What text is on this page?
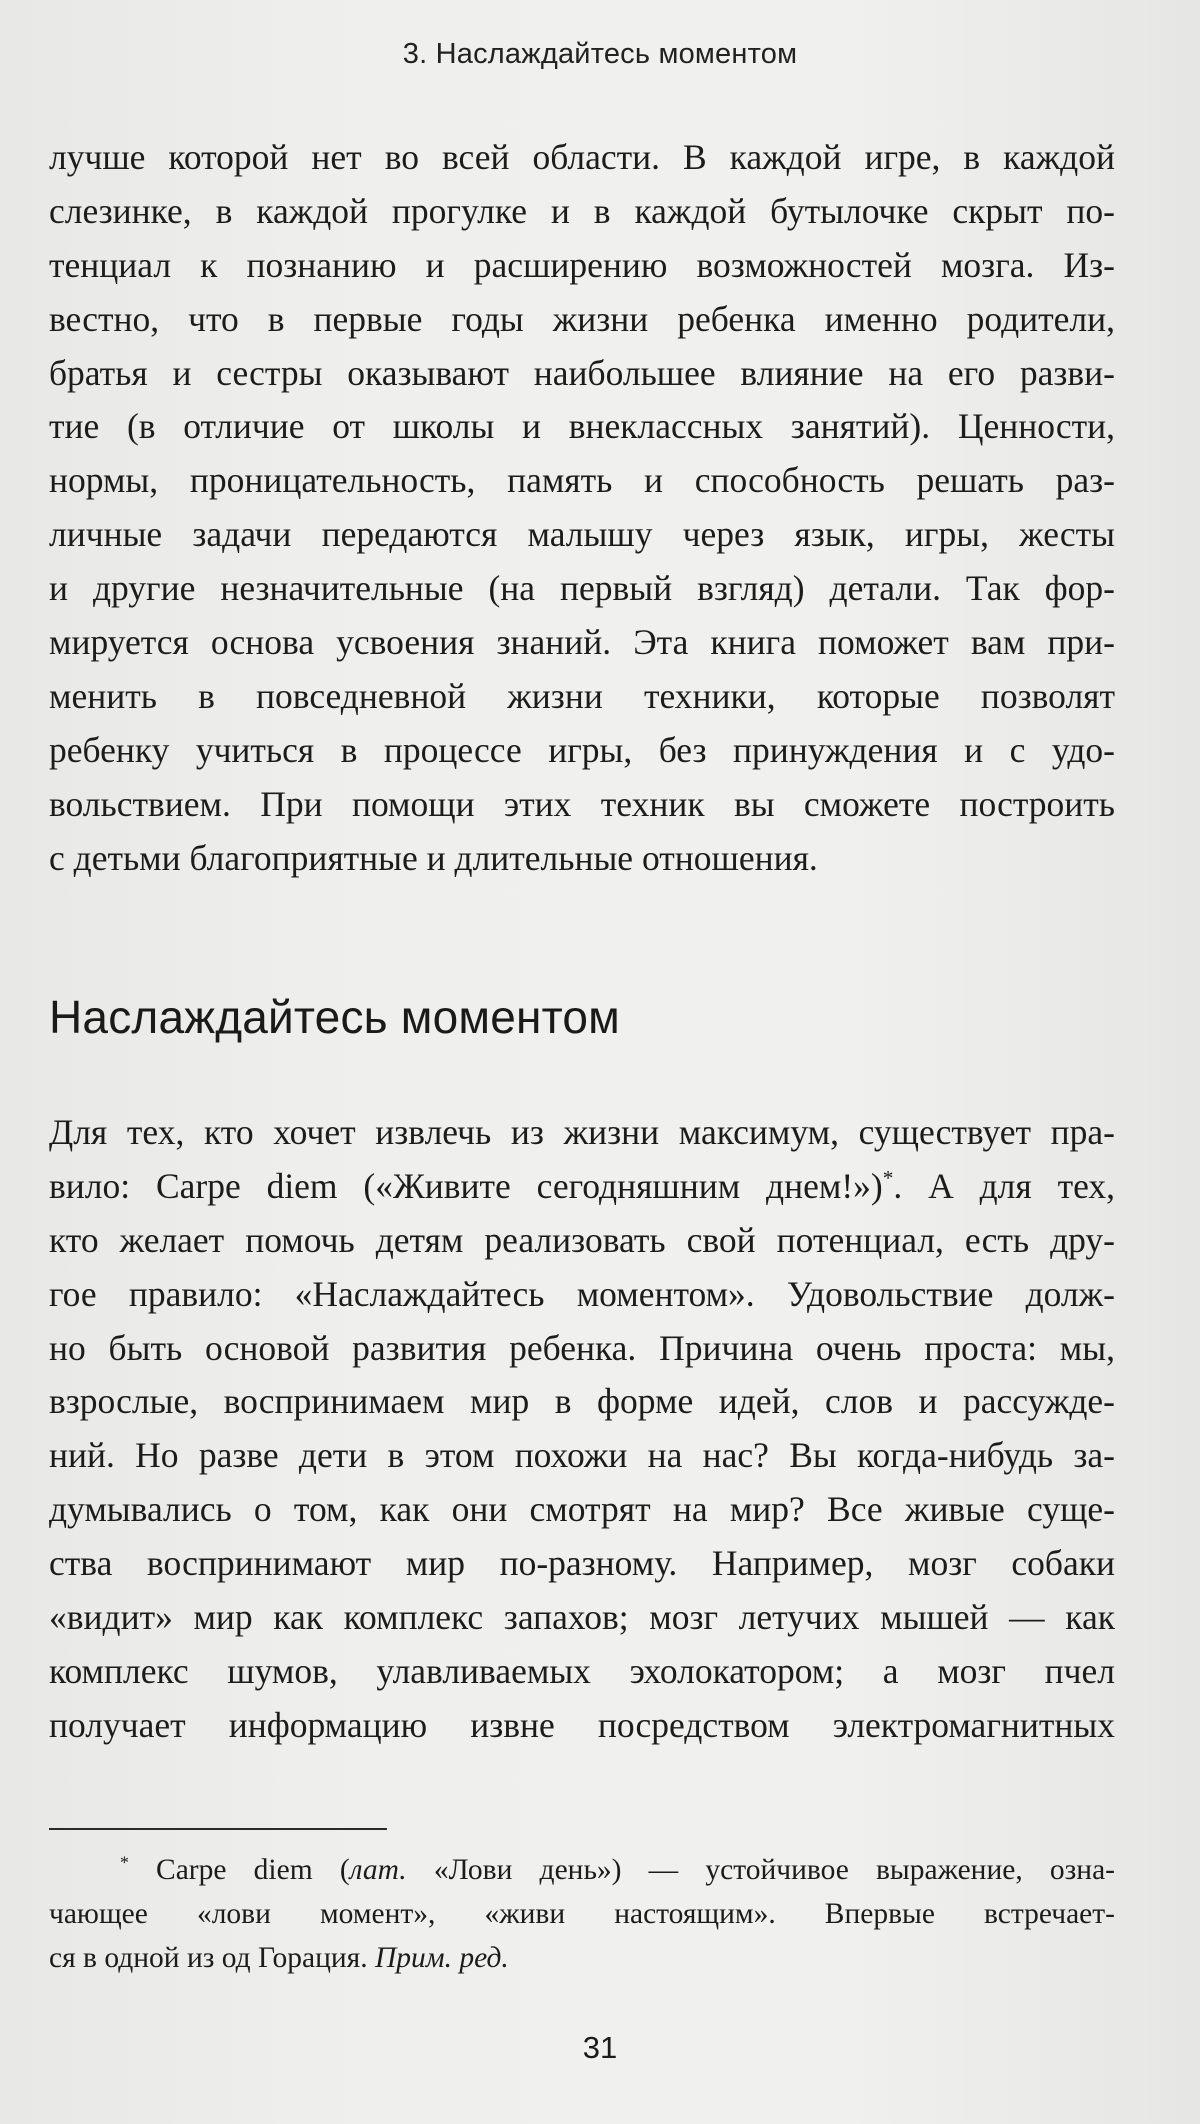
3. Наслаждайтесь моментом
лучше которой нет во всей области. В каждой игре, в каждой
слезинке, в каждой прогулке и в каждой бутылочке скрыт по-
тенциал к познанию и расширению возможностей мозга. Из-
вестно, что в первые годы жизни ребенка именно родители,
братья и сестры оказывают наибольшее влияние на его разви-
тие (в отличие от школы и внеклассных занятий). Ценности,
нормы, проницательность, память и способность решать раз-
личные задачи передаются малышу через язык, игры, жесты
и другие незначительные (на первый взгляд) детали. Так фор-
мируется основа усвоения знаний. Эта книга поможет вам при-
менить в повседневной жизни техники, которые позволят
ребенку учиться в процессе игры, без принуждения и с удо-
вольствием. При помощи этих техник вы сможете построить
с детьми благоприятные и длительные отношения.
Наслаждайтесь моментом
Для тех, кто хочет извлечь из жизни максимум, существует пра-
вило: Carpe diem («Живите сегодняшним днем!»)*. А для тех,
кто желает помочь детям реализовать свой потенциал, есть дру-
гое правило: «Наслаждайтесь моментом». Удовольствие долж-
но быть основой развития ребенка. Причина очень проста: мы,
взрослые, воспринимаем мир в форме идей, слов и рассужде-
ний. Но разве дети в этом похожи на нас? Вы когда-нибудь за-
думывались о том, как они смотрят на мир? Все живые суще-
ства воспринимают мир по-разному. Например, мозг собаки
«видит» мир как комплекс запахов; мозг летучих мышей — как
комплекс шумов, улавливаемых эхолокатором; а мозг пчел
получает информацию извне посредством электромагнитных
* Carpe diem (лат. «Лови день») — устойчивое выражение, озна-
чающее «лови момент», «живи настоящим». Впервые встречает-
ся в одной из од Горация. Прим. ред.
31
